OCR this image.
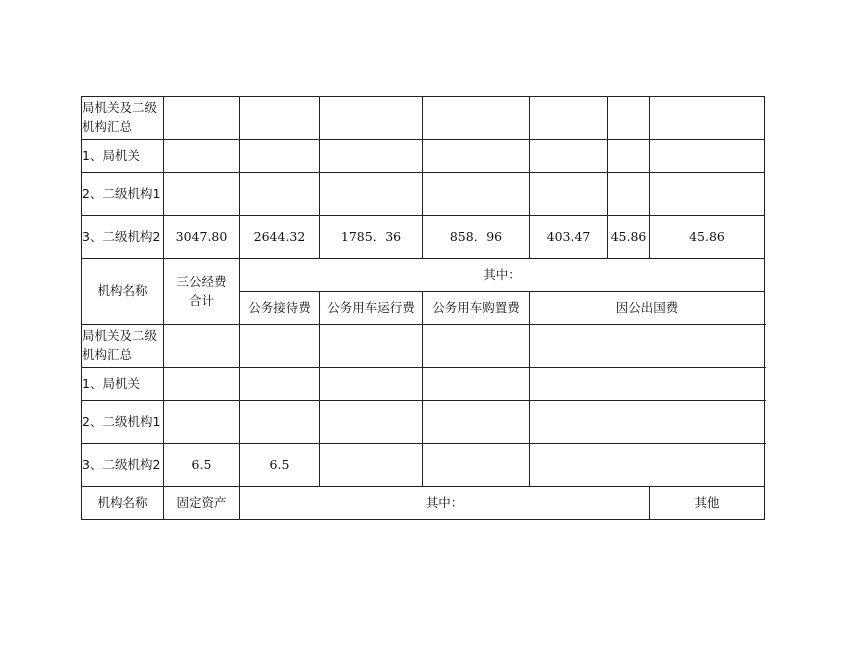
局机关及二级机构汇总							
1、局机关							
2、二级机构1							
3、二级机构2	3047.80	2644.32	1785．36	858．96	403.47	45.86	45.86
机构名称	三公经费合计	其中：					
		公务接待费	公务用车运行费	公务用车购置费	因公出国费		
局机关及二级机构汇总							
1、局机关							
2、二级机构1							
3、二级机构2	6.5	6.5					
机构名称	固定资产	其中：					其他
